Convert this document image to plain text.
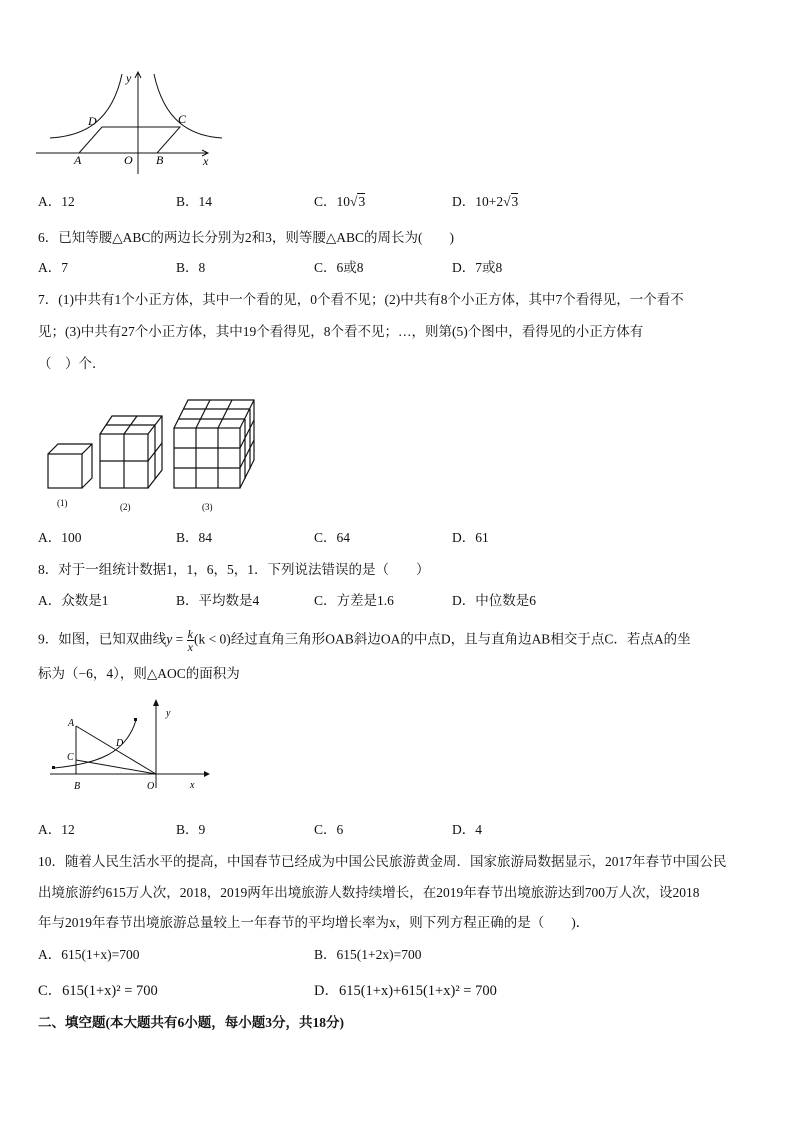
y
x
D	C
A	O B
A．12	B．14	C．10√3	D．10+2√3
6．已知等腰△ABC的两边长分别为2和3，则等腰△ABC的周长为(　　)
A．7	B．8	C．6或8	D．7或8
7．(1)中共有1个小正方体，其中一个看的见，0个看不见；(2)中共有8个小正方体，其中7个看得见，一个看不
见；(3)中共有27个小正方体，其中19个看得见，8个看不见；…，则第(5)个图中，看得见的小正方体有
（　）个．
(1)	(2)	(3)
A．100	B．84	C．64	D．61
8．对于一组统计数据1，1，6，5，1．下列说法错误的是（　　）
A．众数是1	B．平均数是4	C．方差是1.6	D．中位数是6
9．如图，已知双曲线$y = \frac{k}{x} (k < 0)$经过直角三角形OAB斜边OA的中点D，且与直角边AB相交于点C．若点A的坐
标为（−6，4），则△AOC的面积为
y
x
A
C
D
B	O
A．12	B．9	C．6	D．4
10．随着人民生活水平的提高，中国春节已经成为中国公民旅游黄金周．国家旅游局数据显示，2017年春节中国公民
出境旅游约615万人次，2018，2019两年出境旅游人数持续增长，在2019年春节出境旅游达到700万人次，设2018
年与2019年春节出境旅游总量较上一年春节的平均增长率为x，则下列方程正确的是（　　)．
A．615(1+x)=700	B．615(1+2x)=700
C．615(1+x)² = 700	D．615(1+x)+615(1+x)² = 700
二、填空题(本大题共有6小题，每小题3分，共18分)
